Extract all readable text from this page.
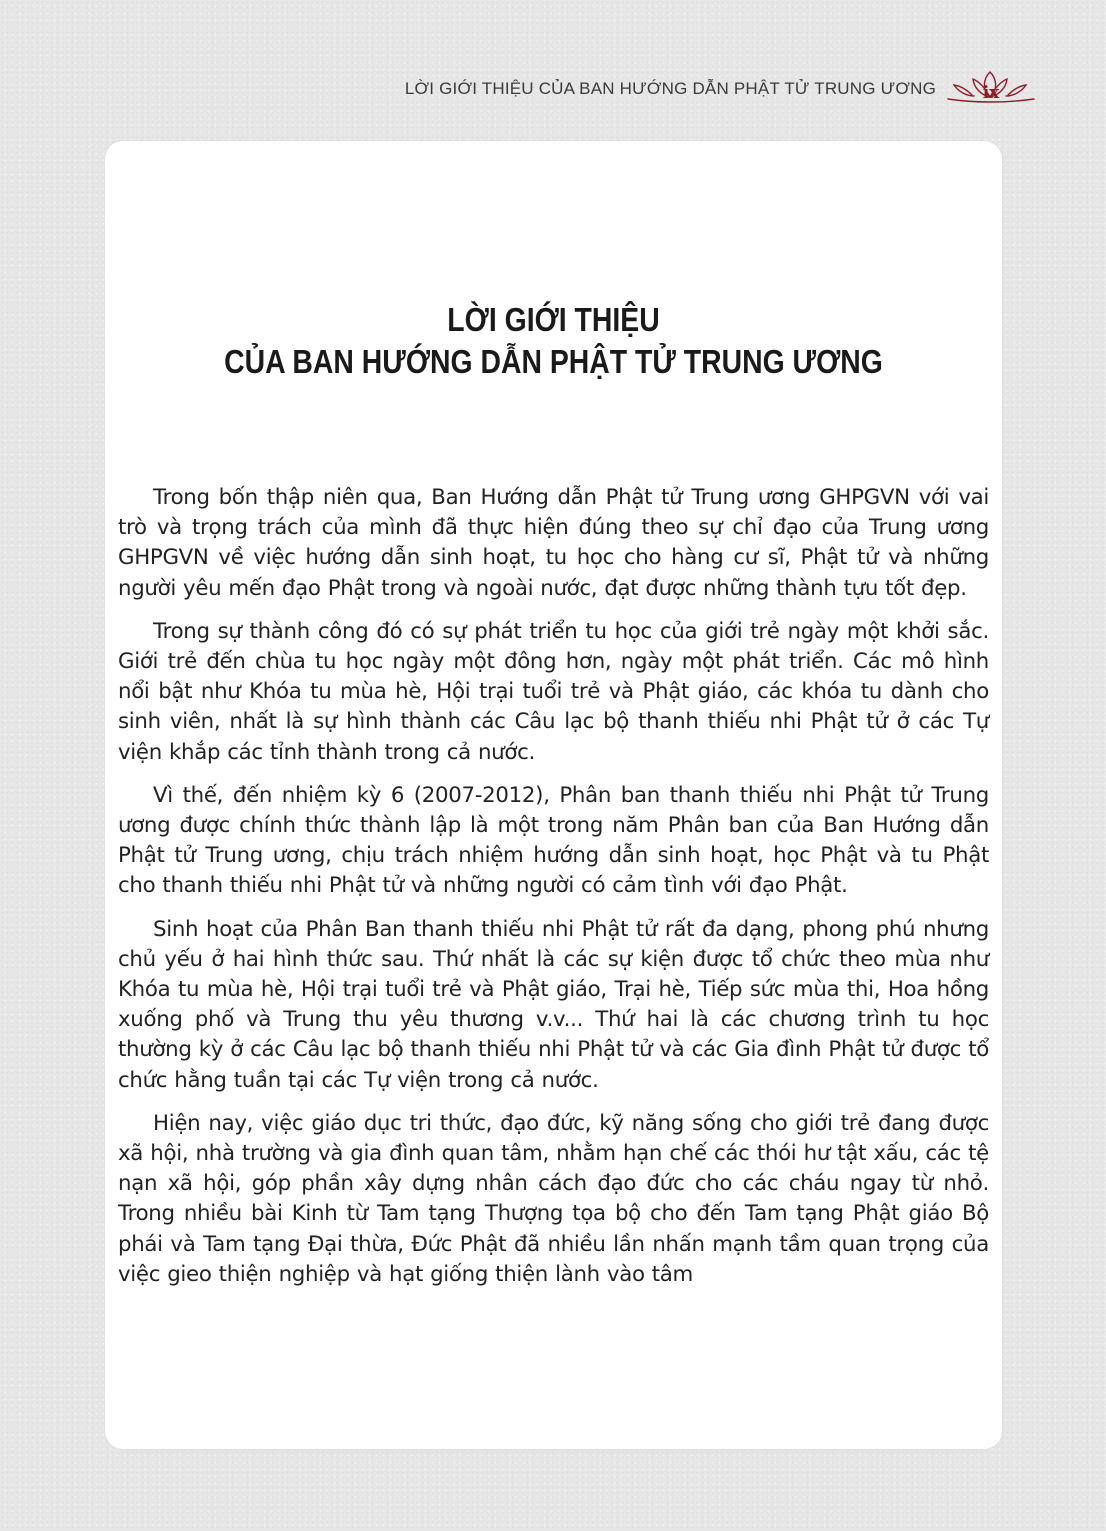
LỜI GIỚI THIỆU CỦA BAN HƯỚNG DẪN PHẬT TỬ TRUNG ƯƠNG	ix
LỜI GIỚI THIỆU
CỦA BAN HƯỚNG DẪN PHẬT TỬ TRUNG ƯƠNG

Trong bốn thập niên qua, Ban Hướng dẫn Phật tử Trung ương GHPGVN với vai trò và trọng trách của mình đã thực hiện đúng theo sự chỉ đạo của Trung ương GHPGVN về việc hướng dẫn sinh hoạt, tu học cho hàng cư sĩ, Phật tử và những người yêu mến đạo Phật trong và ngoài nước, đạt được những thành tựu tốt đẹp.

Trong sự thành công đó có sự phát triển tu học của giới trẻ ngày một khởi sắc. Giới trẻ đến chùa tu học ngày một đông hơn, ngày một phát triển. Các mô hình nổi bật như Khóa tu mùa hè, Hội trại tuổi trẻ và Phật giáo, các khóa tu dành cho sinh viên, nhất là sự hình thành các Câu lạc bộ thanh thiếu nhi Phật tử ở các Tự viện khắp các tỉnh thành trong cả nước.

Vì thế, đến nhiệm kỳ 6 (2007-2012), Phân ban thanh thiếu nhi Phật tử Trung ương được chính thức thành lập là một trong năm Phân ban của Ban Hướng dẫn Phật tử Trung ương, chịu trách nhiệm hướng dẫn sinh hoạt, học Phật và tu Phật cho thanh thiếu nhi Phật tử và những người có cảm tình với đạo Phật.

Sinh hoạt của Phân Ban thanh thiếu nhi Phật tử rất đa dạng, phong phú nhưng chủ yếu ở hai hình thức sau. Thứ nhất là các sự kiện được tổ chức theo mùa như Khóa tu mùa hè, Hội trại tuổi trẻ và Phật giáo, Trại hè, Tiếp sức mùa thi, Hoa hồng xuống phố và Trung thu yêu thương v.v... Thứ hai là các chương trình tu học thường kỳ ở các Câu lạc bộ thanh thiếu nhi Phật tử và các Gia đình Phật tử được tổ chức hằng tuần tại các Tự viện trong cả nước.

Hiện nay, việc giáo dục tri thức, đạo đức, kỹ năng sống cho giới trẻ đang được xã hội, nhà trường và gia đình quan tâm, nhằm hạn chế các thói hư tật xấu, các tệ nạn xã hội, góp phần xây dựng nhân cách đạo đức cho các cháu ngay từ nhỏ. Trong nhiều bài Kinh từ Tam tạng Thượng tọa bộ cho đến Tam tạng Phật giáo Bộ phái và Tam tạng Đại thừa, Đức Phật đã nhiều lần nhấn mạnh tầm quan trọng của việc gieo thiện nghiệp và hạt giống thiện lành vào tâm
